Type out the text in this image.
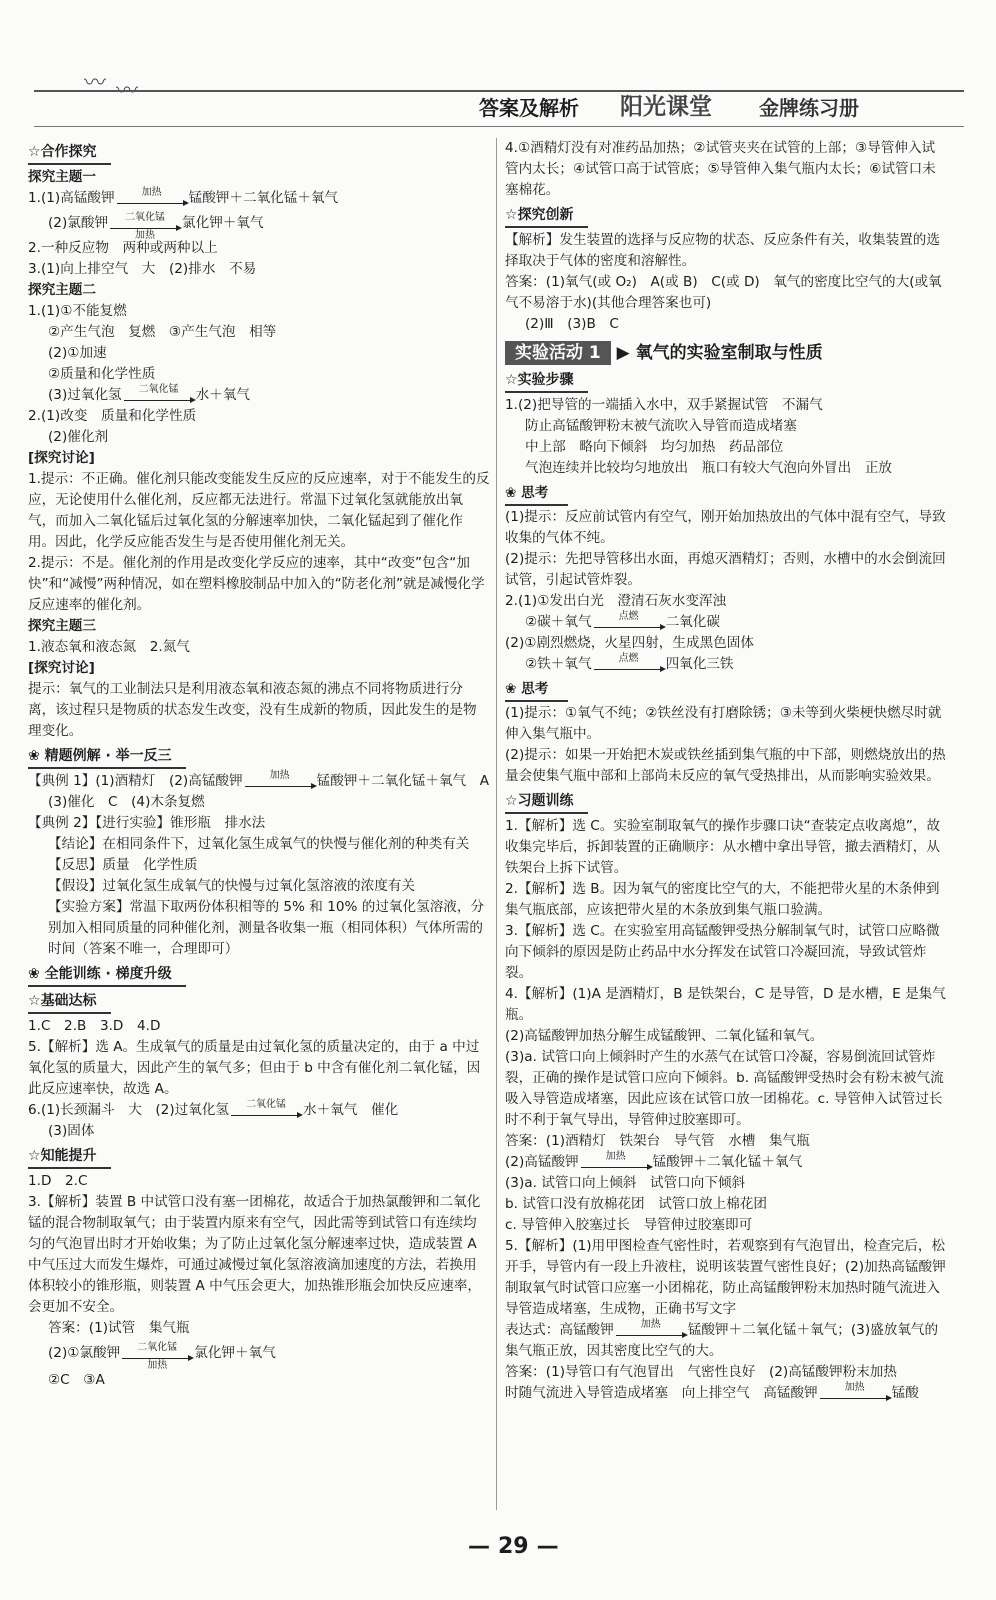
〰 〰
答案及解析 阳光课堂 金牌练习册
☆合作探究
探究主题一
1.(1)高锰酸钾	加热	锰酸钾＋二氧化锰＋氧气
(2)氯酸钾	二氧化锰
加热
氯化钾＋氧气
2.一种反应物　两种或两种以上
3.(1)向上排空气　大　(2)排水　不易
探究主题二
1.(1)①不能复燃
②产生气泡　复燃　③产生气泡　相等
(2)①加速
②质量和化学性质
(3)过氧化氢	二氧化锰	水＋氧气
2.(1)改变　质量和化学性质
(2)催化剂
[探究讨论]
1.提示：不正确。催化剂只能改变能发生反应的反应速率，对于不能发生的反应，无论使用什么催化剂，反应都无法进行。常温下过氧化氢就能放出氧气，而加入二氧化锰后过氧化氢的分解速率加快，二氧化锰起到了催化作用。因此，化学反应能否发生与是否使用催化剂无关。
2.提示：不是。催化剂的作用是改变化学反应的速率，其中“改变”包含“加快”和“减慢”两种情况，如在塑料橡胶制品中加入的“防老化剂”就是减慢化学反应速率的催化剂。
探究主题三
1.液态氧和液态氮　2.氮气
[探究讨论]
提示：氧气的工业制法只是利用液态氧和液态氮的沸点不同将物质进行分离，该过程只是物质的状态发生改变，没有生成新的物质，因此发生的是物理变化。
❀ 精题例解 · 举一反三
【典例 1】(1)酒精灯　(2)高锰酸钾	加热	锰酸钾＋二氧化锰＋氧气　A
(3)催化　C　(4)木条复燃
【典例 2】【进行实验】锥形瓶　排水法
【结论】在相同条件下，过氧化氢生成氧气的快慢与催化剂的种类有关
【反思】质量　化学性质
【假设】过氧化氢生成氧气的快慢与过氧化氢溶液的浓度有关
【实验方案】常温下取两份体积相等的 5% 和 10% 的过氧化氢溶液，分别加入相同质量的同种催化剂，测量各收集一瓶（相同体积）气体所需的时间（答案不唯一，合理即可）
❀ 全能训练 · 梯度升级
☆基础达标
1.C　2.B　3.D　4.D
5.【解析】选 A。生成氧气的质量是由过氧化氢的质量决定的，由于 a 中过氧化氢的质量大，因此产生的氧气多；但由于 b 中含有催化剂二氧化锰，因此反应速率快，故选 A。
6.(1)长颈漏斗　大　(2)过氧化氢	二氧化锰	水＋氧气　催化
(3)固体
☆知能提升
1.D　2.C
3.【解析】装置 B 中试管口没有塞一团棉花，故适合于加热氯酸钾和二氧化锰的混合物制取氧气；由于装置内原来有空气，因此需等到试管口有连续均匀的气泡冒出时才开始收集；为了防止过氧化氢分解速率过快，造成装置 A 中气压过大而发生爆炸，可通过减慢过氧化氢溶液滴加速度的方法，若换用体积较小的锥形瓶，则装置 A 中气压会更大，加热锥形瓶会加快反应速率，会更加不安全。
答案：(1)试管　集气瓶
(2)①氯酸钾	二氧化锰
加热
氯化钾＋氧气
②C　③A
4.①酒精灯没有对准药品加热；②试管夹夹在试管的上部；③导管伸入试管内太长；④试管口高于试管底；⑤导管伸入集气瓶内太长；⑥试管口未塞棉花。
☆探究创新
【解析】发生装置的选择与反应物的状态、反应条件有关，收集装置的选择取决于气体的密度和溶解性。
答案：(1)氧气(或 O₂)　A(或 B)　C(或 D)　氧气的密度比空气的大(或氧气不易溶于水)(其他合理答案也可)
(2)Ⅲ　(3)B　C
实验活动 1 ▶ 氧气的实验室制取与性质
☆实验步骤
1.(2)把导管的一端插入水中，双手紧握试管　不漏气
防止高锰酸钾粉末被气流吹入导管而造成堵塞
中上部　略向下倾斜　均匀加热　药品部位
气泡连续并比较均匀地放出　瓶口有较大气泡向外冒出　正放
❀ 思考
(1)提示：反应前试管内有空气，刚开始加热放出的气体中混有空气，导致收集的气体不纯。
(2)提示：先把导管移出水面，再熄灭酒精灯；否则，水槽中的水会倒流回试管，引起试管炸裂。
2.(1)①发出白光　澄清石灰水变浑浊
②碳＋氧气	点燃	二氧化碳
(2)①剧烈燃烧，火星四射，生成黑色固体
②铁＋氧气	点燃	四氧化三铁
❀ 思考
(1)提示：①氧气不纯；②铁丝没有打磨除锈；③未等到火柴梗快燃尽时就伸入集气瓶中。
(2)提示：如果一开始把木炭或铁丝插到集气瓶的中下部，则燃烧放出的热量会使集气瓶中部和上部尚未反应的氧气受热排出，从而影响实验效果。
☆习题训练
1.【解析】选 C。实验室制取氧气的操作步骤口诀“查装定点收离熄”，故收集完毕后，拆卸装置的正确顺序：从水槽中拿出导管，撤去酒精灯，从铁架台上拆下试管。
2.【解析】选 B。因为氧气的密度比空气的大，不能把带火星的木条伸到集气瓶底部，应该把带火星的木条放到集气瓶口验满。
3.【解析】选 C。在实验室用高锰酸钾受热分解制氧气时，试管口应略微向下倾斜的原因是防止药品中水分挥发在试管口冷凝回流，导致试管炸裂。
4.【解析】(1)A 是酒精灯，B 是铁架台，C 是导管，D 是水槽，E 是集气瓶。
(2)高锰酸钾加热分解生成锰酸钾、二氧化锰和氧气。
(3)a. 试管口向上倾斜时产生的水蒸气在试管口冷凝，容易倒流回试管炸裂，正确的操作是试管口应向下倾斜。b. 高锰酸钾受热时会有粉末被气流吸入导管造成堵塞，因此应该在试管口放一团棉花。c. 导管伸入试管过长时不利于氧气导出，导管伸过胶塞即可。
答案：(1)酒精灯　铁架台　导气管　水槽　集气瓶
(2)高锰酸钾	加热	锰酸钾＋二氧化锰＋氧气
(3)a. 试管口向上倾斜　试管口向下倾斜
b. 试管口没有放棉花团　试管口放上棉花团
c. 导管伸入胶塞过长　导管伸过胶塞即可
5.【解析】(1)用甲图检查气密性时，若观察到有气泡冒出，检查完后，松开手，导管内有一段上升液柱，说明该装置气密性良好；(2)加热高锰酸钾制取氧气时试管口应塞一小团棉花，防止高锰酸钾粉末加热时随气流进入导管造成堵塞，生成物，正确书写文字
表达式：高锰酸钾	加热	锰酸钾＋二氧化锰＋氧气；(3)盛放氧气的集气瓶正放，因其密度比空气的大。
答案：(1)导管口有气泡冒出　气密性良好　(2)高锰酸钾粉末加热
时随气流进入导管造成堵塞　向上排空气　高锰酸钾	加热	锰酸
— 29 —
